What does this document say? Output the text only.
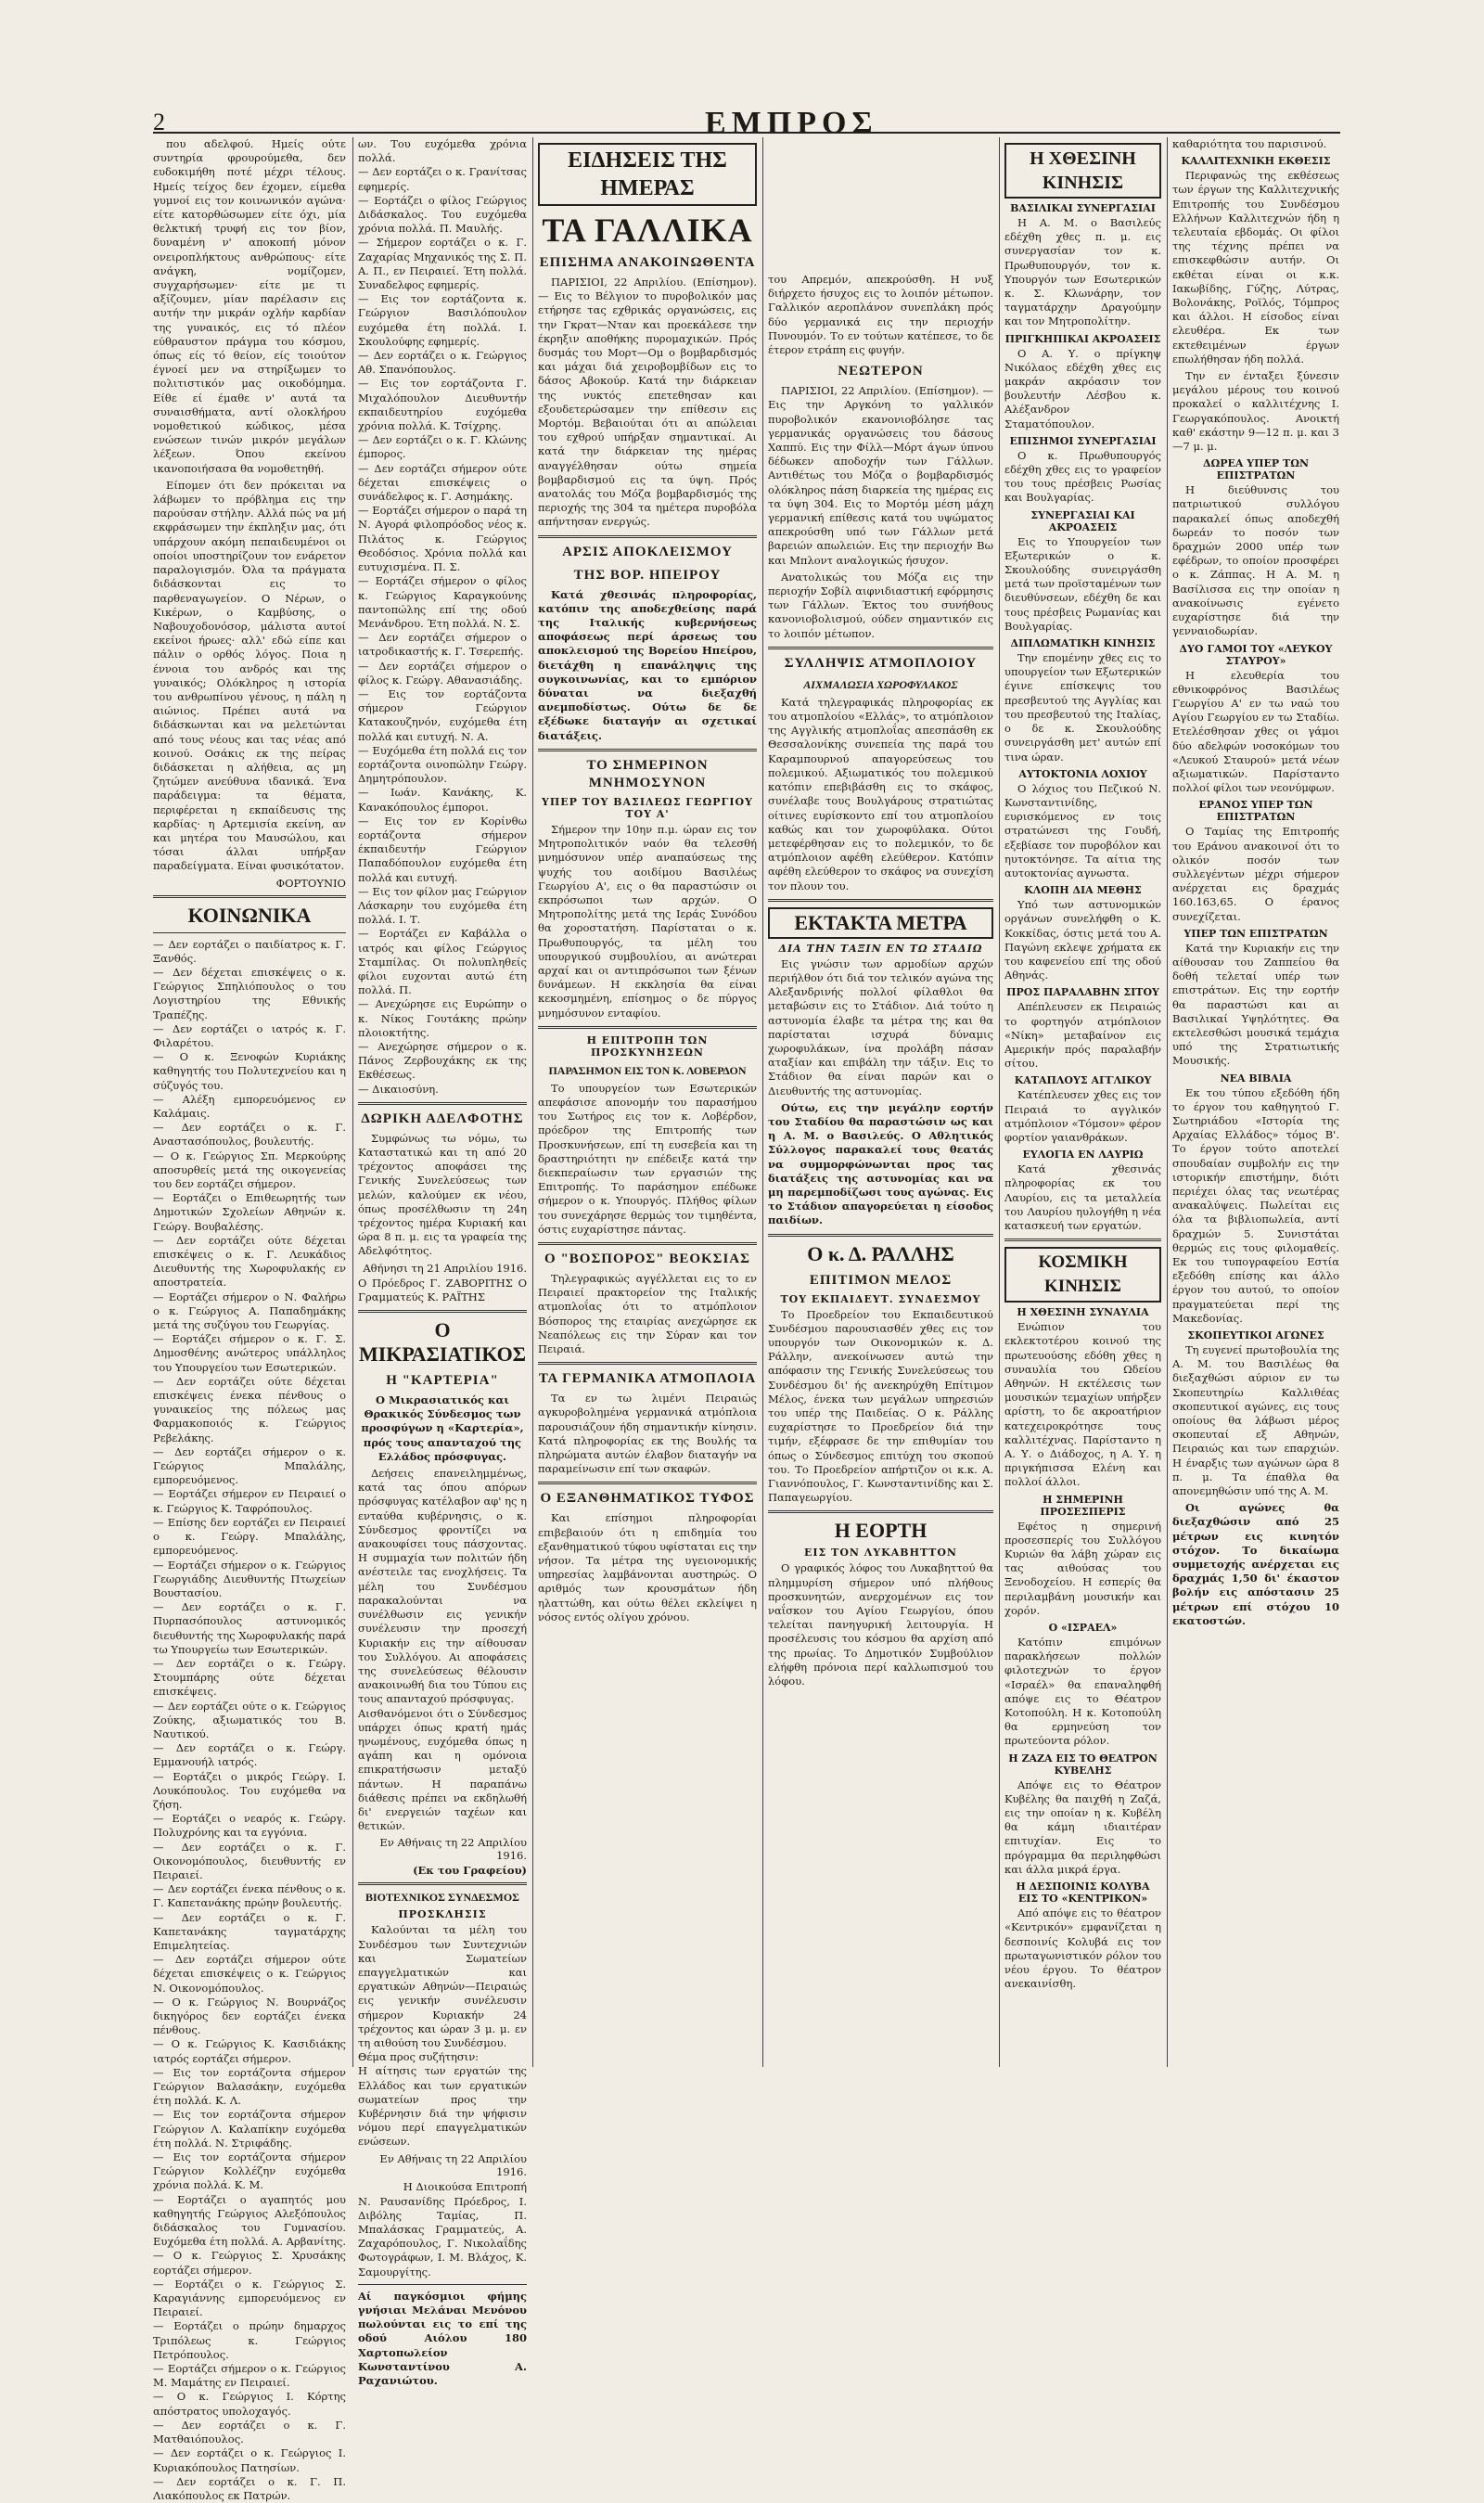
2	ΕΜΠΡΟΣ

που αδελφού. Ημείς ούτε συντηρία φρουρούμεθα, δεν ευδοκιμήθη ποτέ μέχρι τέλους. Ημείς τείχος δεν έχομεν, είμεθα γυμνοί εις τον κοινωνικόν αγώνα· είτε κατορθώσωμεν είτε όχι, μία θελκτική τρυφή εις τον βίον, δυναμένη ν' αποκοπή μόνον ονειροπλήκτους ανθρώπους· είτε ανάγκη, νομίζομεν, συγχαρήσωμεν· είτε με τι αξίζουμεν, μίαν παρέλασιν εις αυτήν την μικράν οχλήν καρδίαν της γυναικός, εις τό πλέον εύθραυστον πράγμα του κόσμου, όπως είς τό θείον, είς τοιούτον έγνοεί μεν να στηρίξωμεν το πολιτιστικόν μας οικοδόμημα. Είθε εί έμαθε ν' αυτά τα συναισθήματα, αντί ολοκλήρου νομοθετικού κώδικος, μέσα ενώσεων τινών μικρόν μεγάλων λέξεων. Όπου εκείνου ικανοποιήσασα θα νομοθετηθή.

Είπομεν ότι δεν πρόκειται να λάβωμεν το πρόβλημα εις την παρούσαν στήλην. Αλλά πώς να μή εκφράσωμεν την έκπληξιν μας, ότι υπάρχουν ακόμη πεπαιδευμένοι οι οποίοι υποστηρίζουν τον ενάρετον παραλογισμόν. Όλα τα πράγματα διδάσκονται εις το παρθεναγωγείον. Ο Νέρων, ο Κικέρων, ο Καμβύσης, ο Ναβουχοδονόσορ, μάλιστα αυτοί εκείνοι ήρωες· αλλ' εδώ είπε και πάλιν ο ορθός λόγος. Ποια η έννοια του ανδρός και της γυναικός; Ολόκληρος η ιστορία του ανθρωπίνου γένους, η πάλη η αιώνιος. Πρέπει αυτά να διδάσκωνται και να μελετώνται από τους νέους και τας νέας από κοινού. Οσάκις εκ της πείρας διδάσκεται η αλήθεια, ας μη ζητώμεν ανεύθυνα ιδανικά. Ένα παράδειγμα: τα θέματα, περιφέρεται η εκπαίδευσις της καρδίας· η Αρτεμισία εκείνη, αν και μητέρα του Μαυσώλου, και τόσαι άλλαι υπήρξαν παραδείγματα. Είναι φυσικότατον.

ΦΟΡΤΟΥΝΙΟ

ΚΟΙΝΩΝΙΚΑ

— Δεν εορτάζει ο παιδίατρος κ. Γ. Ξανθός.
— Δεν δέχεται επισκέψεις ο κ. Γεώργιος Σπηλιόπουλος ο του Λογιστηρίου της Εθνικής Τραπέζης.
— Δεν εορτάζει ο ιατρός κ. Γ. Φιλαρέτου.
— Ο κ. Ξενοφών Κυριάκης καθηγητής του Πολυτεχνείου και η σύζυγός του.
— Αλέξη εμπορευόμενος εν Καλάμαις.
— Δεν εορτάζει ο κ. Γ. Αναστασόπουλος, βουλευτής.
— Ο κ. Γεώργιος Σπ. Μερκούρης αποσυρθείς μετά της οικογενείας του δεν εορτάζει σήμερον.
— Εορτάζει ο Επιθεωρητής των Δημοτικών Σχολείων Αθηνών κ. Γεώργ. Βουβαλέσης.
— Δεν εορτάζει ούτε δέχεται επισκέψεις ο κ. Γ. Λευκάδιος Διευθυντής της Χωροφυλακής εν αποστρατεία.
— Εορτάζει σήμερον ο Ν. Φαλήρω ο κ. Γεώργιος Α. Παπαδημάκης μετά της συζύγου του Γεωργίας.
— Εορτάζει σήμερον ο κ. Γ. Σ. Δημοσθένης ανώτερος υπάλληλος του Υπουργείου των Εσωτερικών.
— Δεν εορτάζει ούτε δέχεται επισκέψεις ένεκα πένθους ο γυναικείος της πόλεως μας Φαρμακοποιός κ. Γεώργιος Ρεβελάκης.
— Δεν εορτάζει σήμερον ο κ. Γεώργιος Μπαλάλης, εμπορευόμενος.
— Εορτάζει σήμερον εν Πειραιεί ο κ. Γεώργιος Κ. Ταφρόπουλος.
— Επίσης δεν εορτάζει εν Πειραιεί ο κ. Γεώργ. Μπαλάλης, εμπορευόμενος.
— Εορτάζει σήμερον ο κ. Γεώργιος Γεωργιάδης Διευθυντής Πτωχείων Βουστασίου.
— Δεν εορτάζει ο κ. Γ. Πυρπασόπουλος αστυνομικός διευθυντής της Χωροφυλακής παρά τω Υπουργείω των Εσωτερικών.
— Δεν εορτάζει ο κ. Γεώργ. Στουμπάρης ούτε δέχεται επισκέψεις.
— Δεν εορτάζει ούτε ο κ. Γεώργιος Ζούκης, αξιωματικός του Β. Ναυτικού.
— Δεν εορτάζει ο κ. Γεώργ. Εμμανουήλ ιατρός.
— Εορτάζει ο μικρός Γεώργ. Ι. Λουκόπουλος. Του ευχόμεθα να ζήση.
— Εορτάζει ο νεαρός κ. Γεώργ. Πολυχρόνης και τα εγγόνια.
— Δεν εορτάζει ο κ. Γ. Οικονομόπουλος, διευθυντής εν Πειραιεί.
— Δεν εορτάζει ένεκα πένθους ο κ. Γ. Καπετανάκης πρώην βουλευτής.
— Δεν εορτάζει ο κ. Γ. Καπετανάκης ταγματάρχης Επιμελητείας.
— Δεν εορτάζει σήμερον ούτε δέχεται επισκέψεις ο κ. Γεώργιος Ν. Οικονομόπουλος.
— Ο κ. Γεώργιος Ν. Βουρνάζος δικηγόρος δεν εορτάζει ένεκα πένθους.
— Ο κ. Γεώργιος Κ. Κασιδιάκης ιατρός εορτάζει σήμερον.
— Εις τον εορτάζοντα σήμερον Γεώργιον Βαλασάκην, ευχόμεθα έτη πολλά. Κ. Λ.
— Εις τον εορτάζοντα σήμερον Γεώργιον Λ. Καλαπίκην ευχόμεθα έτη πολλά. Ν. Στριφάδης.
— Εις τον εορτάζοντα σήμερον Γεώργιον Κολλέζην ευχόμεθα χρόνια πολλά. Κ. Μ.
— Εορτάζει ο αγαπητός μου καθηγητής Γεώργιος Αλεξόπουλος διδάσκαλος του Γυμνασίου. Ευχόμεθα έτη πολλά. Α. Αρβανίτης.
— Ο κ. Γεώργιος Σ. Χρυσάκης εορτάζει σήμερον.
— Εορτάζει ο κ. Γεώργιος Σ. Καραγιάννης εμπορευόμενος εν Πειραιεί.
— Εορτάζει ο πρώην δημαρχος Τριπόλεως κ. Γεώργιος Πετρόπουλος.
— Εορτάζει σήμερον ο κ. Γεώργιος Μ. Μαμάτης εν Πειραιεί.
— Ο κ. Γεώργιος Ι. Κόρτης απόστρατος υπολοχαγός.
— Δεν εορτάζει ο κ. Γ. Ματθαιόπουλος.
— Δεν εορτάζει ο κ. Γεώργιος Ι. Κυριακόπουλος Πατησίων.
— Δεν εορτάζει ο κ. Γ. Π. Λιακόπουλος εκ Πατρών.

ων. Του ευχόμεθα χρόνια πολλά.
— Δεν εορτάζει ο κ. Γρανίτσας εφημερίς.
— Εορτάζει ο φίλος Γεώργιος Διδάσκαλος. Του ευχόμεθα χρόνια πολλά. Π. Μαυλής.
— Σήμερον εορτάζει ο κ. Γ. Ζαχαρίας Μηχανικός της Σ. Π. Α. Π., εν Πειραιεί. Έτη πολλά. Συναδελφος εφημερίς.
— Εις τον εορτάζοντα κ. Γεώργιον Βασιλόπουλον ευχόμεθα έτη πολλά. Ι. Σκουλούφης εφημερίς.
— Δεν εορτάζει ο κ. Γεώργιος Αθ. Σπανόπουλος.
— Εις τον εορτάζοντα Γ. Μιχαλόπουλον Διευθυντήν εκπαιδευτηρίου ευχόμεθα χρόνια πολλά. Κ. Τσίχρης.
— Δεν εορτάζει ο κ. Γ. Κλώνης έμπορος.
— Δεν εορτάζει σήμερον ούτε δέχεται επισκέψεις ο συνάδελφος κ. Γ. Ασημάκης.
— Εορτάζει σήμερον ο παρά τη Ν. Αγορά φιλοπρόοδος νέος κ. Πιλάτος κ. Γεώργιος Θεοδόσιος. Χρόνια πολλά και ευτυχισμένα. Π. Σ.
— Εορτάζει σήμερον ο φίλος κ. Γεώργιος Καραγκούνης παντοπώλης επί της οδού Μενάνδρου. Έτη πολλά. Ν. Σ.
— Δεν εορτάζει σήμερον ο ιατροδικαστής κ. Γ. Τσερεπής.
— Δεν εορτάζει σήμερον ο φίλος κ. Γεώργ. Αθανασιάδης.
— Εις τον εορτάζοντα σήμερον Γεώργιον Κατακουζηνόν, ευχόμεθα έτη πολλά και ευτυχή. Ν. Α.
— Ευχόμεθα έτη πολλά εις τον εορτάζοντα οινοπώλην Γεώργ. Δημητρόπουλον.
— Ιωάν. Κανάκης, Κ. Κανακόπουλος έμποροι.
— Εις τον εν Κορίνθω εορτάζοντα σήμερον έκπαιδευτήν Γεώργιον Παπαδόπουλον ευχόμεθα έτη πολλά και ευτυχή.
— Εις τον φίλον μας Γεώργιον Λάσκαρην του ευχόμεθα έτη πολλά. Ι. Τ.
— Εορτάζει εν Καβάλλα ο ιατρός και φίλος Γεώργιος Σταμπίλας. Οι πολυπληθείς φίλοι ευχονται αυτώ έτη πολλά. Π.
— Ανεχώρησε εις Ευρώπην ο κ. Νίκος Γουτάκης πρώην πλοιοκτήτης.
— Ανεχώρησε σήμερον ο κ. Πάνος Ζερβουχάκης εκ της Εκθέσεως.
— Δικαιοσύνη.

ΔΩΡΙΚΗ ΑΔΕΛΦΟΤΗΣ

Συμφώνως τω νόμω, τω Καταστατικώ και τη από 20 τρέχοντος αποφάσει της Γενικής Συνελεύσεως των μελών, καλούμεν εκ νέου, όπως προσέλθωσιν τη 24η τρέχοντος ημέρα Κυριακή και ώρα 8 π. μ. εις τα γραφεία της Αδελφότητος.

Αθήνησι τη 21 Απριλίου 1916.

Ο Πρόεδρος Γ. ΖΑΒΟΡΙΤΗΣ Ο Γραμματεύς Κ. ΡΑΪΤΗΣ

Ο ΜΙΚΡΑΣΙΑΤΙΚΟΣ
Η "ΚΑΡΤΕΡΙΑ"

Ο Μικρασιατικός και Θρακικός Σύνδεσμος των προσφύγων η «Καρτερία», πρός τους απανταχού της Ελλάδος πρόσφυγας.

Δεήσεις επανειλημμένως, κατά τας όπου απόρων πρόσφυγας κατέλαβον αφ' ης η ενταύθα κυβέρνησις, ο κ. Σύνδεσμος φροντίζει να ανακουφίσει τους πάσχοντας. Η συμμαχία των πολιτών ήδη ανέστειλε τας ενοχλήσεις. Τα μέλη του Συνδέσμου παρακαλούνται να συνέλθωσιν εις γενικήν συνέλευσιν την προσεχή Κυριακήν εις την αίθουσαν του Συλλόγου. Αι αποφάσεις της συνελεύσεως θέλουσιν ανακοινωθή δια του Τύπου εις τους απανταχού πρόσφυγας.
Αισθανόμενοι ότι ο Σύνδεσμος υπάρχει όπως κρατή ημάς ηνωμένους, ευχόμεθα όπως η αγάπη και η ομόνοια επικρατήσωσιν μεταξύ πάντων. Η παραπάνω διάθεσις πρέπει να εκδηλωθή δι' ενεργειών ταχέων και θετικών.

Εν Αθήναις τη 22 Απριλίου 1916.

(Εκ του Γραφείου)

ΒΙΟΤΕΧΝΙΚΟΣ ΣΥΝΔΕΣΜΟΣ
ΠΡΟΣΚΛΗΣΙΣ

Καλούνται τα μέλη του Συνδέσμου των Συντεχνιών και Σωματείων επαγγελματικών και εργατικών Αθηνών—Πειραιώς εις γενικήν συνέλευσιν σήμερον Κυριακήν 24 τρέχοντος και ώραν 3 μ. μ. εν τη αιθούση του Συνδέσμου.
Θέμα προς συζήτησιν:
Η αίτησις των εργατών της Ελλάδος και των εργατικών σωματείων προς την Κυβέρνησιν διά την ψήφισιν νόμου περί επαγγελματικών ενώσεων.

Εν Αθήναις τη 22 Απριλίου 1916.

Η Διοικούσα Επιτροπή

Ν. Ραυσανίδης Πρόεδρος, Ι. Διβόλης Ταμίας, Π. Μπαλάσκας Γραμματεύς, Α. Ζαχαρόπουλος, Γ. Νικολαΐδης Φωτογράφων, Ι. Μ. Βλάχος, Κ. Σαμουργίτης.

Αί παγκόσμιοι φήμης γνήσιαι Μελάναι Μενόνου πωλούνται εις το επί της οδού Αιόλου 180 Χαρτοπωλείον Κωνσταντίνου Α. Ραχανιώτου.

ΕΙΔΗΣΕΙΣ ΤΗΣ ΗΜΕΡΑΣ
ΤΑ ΓΑΛΛΙΚΑ
ΕΠΙΣΗΜΑ ΑΝΑΚΟΙΝΩΘΕΝΤΑ

ΠΑΡΙΣΙΟΙ, 22 Απριλίου. (Επίσημον). — Εις το Βέλγιον το πυροβολικόν μας ετήρησε τας εχθρικάς οργανώσεις, εις την Γκρατ—Νταν και προεκάλεσε την έκρηξιν αποθήκης πυρομαχικών. Πρός δυσμάς του Μορτ—Ομ ο βομβαρδισμός και μάχαι διά χειροβομβίδων εις το δάσος Αβοκούρ. Κατά την διάρκειαν της νυκτός επετεθησαν και εξουδετερώσαμεν την επίθεσιν εις Μορτόμ. Βεβαιούται ότι αι απώλειαι του εχθρού υπήρξαν σημαντικαί. Αι κατά την διάρκειαν της ημέρας αναγγέλθησαν ούτω σημεία βομβαρδισμού εις τα ύψη. Πρός ανατολάς του Μόζα βομβαρδισμός της περιοχής της 304 τα ημέτερα πυροβόλα απήντησαν ενεργώς.

ΑΡΣΙΣ ΑΠΟΚΛΕΙΣΜΟΥ
ΤΗΣ ΒΟΡ. ΗΠΕΙΡΟΥ

Κατά χθεσινάς πληροφορίας, κατόπιν της αποδεχθείσης παρά της Ιταλικής κυβερνήσεως αποφάσεως περί άρσεως του αποκλεισμού της Βορείου Ηπείρου, διετάχθη η επανάληψις της συγκοινωνίας, και το εμπόριον δύναται να διεξαχθή ανεμποδίστως. Ούτω δε δε εξέδωκε διαταγήν αι σχετικαί διατάξεις.

ΤΟ ΣΗΜΕΡΙΝΟΝ ΜΝΗΜΟΣΥΝΟΝ
ΥΠΕΡ ΤΟΥ ΒΑΣΙΛΕΩΣ ΓΕΩΡΓΙΟΥ ΤΟΥ Α'

Σήμερον την 10ην π.μ. ώραν εις τον Μητροπολιτικόν ναόν θα τελεσθή μνημόσυνον υπέρ αναπαύσεως της ψυχής του αοιδίμου Βασιλέως Γεωργίου Α', εις ο θα παραστώσιν οι εκπρόσωποι των αρχών. Ο Μητροπολίτης μετά της Ιεράς Συνόδου θα χοροστατήση. Παρίσταται ο κ. Πρωθυπουργός, τα μέλη του υπουργικού συμβουλίου, αι ανώτεραι αρχαί και οι αντιπρόσωποι των ξένων δυνάμεων. Η εκκλησία θα είναι κεκοσμημένη, επίσημος ο δε πύργος μνημόσυνον ενταφίου.

Η ΕΠΙΤΡΟΠΗ ΤΩΝ ΠΡΟΣΚΥΝΗΣΕΩΝ
ΠΑΡΑΣΗΜΟΝ ΕΙΣ ΤΟΝ Κ. ΛΟΒΕΡΔΟΝ

Το υπουργείον των Εσωτερικών απεφάσισε απονομήν του παρασήμου του Σωτήρος εις τον κ. Λοβέρδον, πρόεδρον της Επιτροπής των Προσκυνήσεων, επί τη ευσεβεία και τη δραστηριότητι ην επέδειξε κατά την διεκπεραίωσιν των εργασιών της Επιτροπής. Το παράσημον επέδωκε σήμερον ο κ. Υπουργός. Πλήθος φίλων του συνεχάρησε θερμώς τον τιμηθέντα, όστις ευχαρίστησε πάντας.

Ο "ΒΟΣΠΟΡΟΣ" ΒΕΟΚΣΙΑΣ

Τηλεγραφικώς αγγέλλεται εις το εν Πειραιεί πρακτορείον της Ιταλικής ατμοπλοΐας ότι το ατμόπλοιον Βόσπορος της εταιρίας ανεχώρησε εκ Νεαπόλεως εις την Σύραν και τον Πειραιά.

ΤΑ ΓΕΡΜΑΝΙΚΑ ΑΤΜΟΠΛΟΙΑ

Τα εν τω λιμένι Πειραιώς αγκυροβολημένα γερμανικά ατμόπλοια παρουσιάζουν ήδη σημαντικήν κίνησιν. Κατά πληροφορίας εκ της Βουλής τα πληρώματα αυτών έλαβον διαταγήν να παραμείνωσιν επί των σκαφών.

Ο ΕΞΑΝΘΗΜΑΤΙΚΟΣ ΤΥΦΟΣ

Και επίσημοι πληροφορίαι επιβεβαιούν ότι η επιδημία του εξανθηματικού τύφου υφίσταται εις την νήσον. Τα μέτρα της υγειονομικής υπηρεσίας λαμβάνονται αυστηρώς. Ο αριθμός των κρουσμάτων ήδη ηλαττώθη, και ούτω θέλει εκλείψει η νόσος εντός ολίγου χρόνου.

του Απρεμόν, απεκρούσθη. Η νυξ διήρχετο ήσυχος εις το λοιπόν μέτωπον. Γαλλικόν αεροπλάνον συνεπλάκη πρός δύο γερμανικά εις την περιοχήν Πυνουμόν. Το εν τούτων κατέπεσε, το δε έτερον ετράπη εις φυγήν.

ΝΕΩΤΕΡΟΝ

ΠΑΡΙΣΙΟΙ, 22 Απριλίου. (Επίσημον). — Εις την Αργκόνη το γαλλικόν πυροβολικόν εκανονιοβόλησε τας γερμανικάς οργανώσεις του δάσους Χαππύ. Εις την Φίλλ—Μόρτ άγων ύπνου δέδωκεν αποδοχήν των Γάλλων. Αντιθέτως του Μόζα ο βομβαρδισμός ολόκληρος πάση διαρκεία της ημέρας εις τα ύψη 304. Εις το Μορτόμ μέση μάχη γερμανική επίθεσις κατά του υψώματος απεκρούσθη υπό των Γάλλων μετά βαρειών απωλειών. Εις την περιοχήν Βω και Μπλοντ αναλογικώς ήσυχον.

Ανατολικώς του Μόζα εις την περιοχήν Σοβίλ αιφνιδιαστική εφόρμησις των Γάλλων. Έκτος του συνήθους κανονιοβολισμού, ούδεν σημαντικόν εις το λοιπόν μέτωπον.

ΣΥΛΛΗΨΙΣ ΑΤΜΟΠΛΟΙΟΥ
ΑΙΧΜΑΛΩΣΙΑ ΧΩΡΟΦΥΛΑΚΟΣ

Κατά τηλεγραφικάς πληροφορίας εκ του ατμοπλοίου «Ελλάς», το ατμόπλοιον της Αγγλικής ατμοπλοΐας απεσπάσθη εκ Θεσσαλονίκης συνεπεία της παρά του Καραμπουρνού απαγορεύσεως του πολεμικού. Αξιωματικός του πολεμικού κατόπιν επεβιβάσθη εις το σκάφος, συνέλαβε τους Βουλγάρους στρατιώτας οίτινες ευρίσκοντο επί του ατμοπλοίου καθώς και τον χωροφύλακα. Ούτοι μετεφέρθησαν εις το πολεμικόν, το δε ατμόπλοιον αφέθη ελεύθερον. Κατόπιν αφέθη ελεύθερον το σκάφος να συνεχίση τον πλουν του.

ΕΚΤΑΚΤΑ ΜΕΤΡΑ
ΔΙΑ ΤΗΝ ΤΑΞΙΝ ΕΝ ΤΩ ΣΤΑΔΙΩ

Εις γνώσιν των αρμοδίων αρχών περιήλθον ότι διά τον τελικόν αγώνα της Αλεξανδρινής πολλοί φίλαθλοι θα μεταβώσιν εις το Στάδιον. Διά τούτο η αστυνομία έλαβε τα μέτρα της και θα παρίσταται ισχυρά δύναμις χωροφυλάκων, ίνα προλάβη πάσαν αταξίαν και επιβάλη την τάξιν. Εις το Στάδιον θα είναι παρών και ο Διευθυντής της αστυνομίας.

Ούτω, εις την μεγάλην εορτήν του Σταδίου θα παραστώσιν ως και η Α. Μ. ο Βασιλεύς. Ο Αθλητικός Σύλλογος παρακαλεί τους θεατάς να συμμορφώνωνται προς τας διατάξεις της αστυνομίας και να μη παρεμποδίζωσι τους αγώνας. Εις το Στάδιον απαγορεύεται η είσοδος παιδίων.

Ο κ. Δ. ΡΑΛΛΗΣ
ΕΠΙΤΙΜΟΝ ΜΕΛΟΣ
ΤΟΥ ΕΚΠΑΙΔΕΥΤ. ΣΥΝΔΕΣΜΟΥ

Το Προεδρείον του Εκπαιδευτικού Συνδέσμου παρουσιασθέν χθες εις τον υπουργόν των Οικονομικών κ. Δ. Ράλλην, ανεκοίνωσεν αυτώ την απόφασιν της Γενικής Συνελεύσεως του Συνδέσμου δι' ής ανεκηρύχθη Επίτιμον Μέλος, ένεκα των μεγάλων υπηρεσιών του υπέρ της Παιδείας. Ο κ. Ράλλης ευχαρίστησε το Προεδρείον διά την τιμήν, εξέφρασε δε την επιθυμίαν του όπως ο Σύνδεσμος επιτύχη του σκοπού του. Το Προεδρείον απήρτιζον οι κ.κ. Α. Γιαννόπουλος, Γ. Κωνσταντινίδης και Σ. Παπαγεωργίου.

Η ΕΟΡΤΗ
ΕΙΣ ΤΟΝ ΛΥΚΑΒΗΤΤΟΝ

Ο γραφικός λόφος του Λυκαβηττού θα πλημμυρίση σήμερον υπό πλήθους προσκυνητών, ανερχομένων εις τον ναΐσκον του Αγίου Γεωργίου, όπου τελείται πανηγυρική λειτουργία. Η προσέλευσις του κόσμου θα αρχίση από της πρωίας. Το Δημοτικόν Συμβούλιον ελήφθη πρόνοια περί καλλωπισμού του λόφου.

Η ΧΘΕΣΙΝΗ ΚΙΝΗΣΙΣ
ΒΑΣΙΛΙΚΑΙ ΣΥΝΕΡΓΑΣΙΑΙ

Η Α. Μ. ο Βασιλεύς εδέχθη χθες π. μ. εις συνεργασίαν τον κ. Πρωθυπουργόν, τον κ. Υπουργόν των Εσωτερικών κ. Σ. Κλωνάρην, τον ταγματάρχην Δραγούμην και τον Μητροπολίτην.

ΠΡΙΓΚΗΠΙΚΑΙ ΑΚΡΟΑΣΕΙΣ

Ο Α. Υ. ο πρίγκηψ Νικόλαος εδέχθη χθες εις μακράν ακρόασιν τον βουλευτήν Λέσβου κ. Αλέξανδρον Σταματόπουλον.

ΕΠΙΣΗΜΟΙ ΣΥΝΕΡΓΑΣΙΑΙ

Ο κ. Πρωθυπουργός εδέχθη χθες εις το γραφείον του τους πρέσβεις Ρωσίας και Βουλγαρίας.

ΣΥΝΕΡΓΑΣΙΑΙ ΚΑΙ ΑΚΡΟΑΣΕΙΣ

Εις το Υπουργείον των Εξωτερικών ο κ. Σκουλούδης συνειργάσθη μετά των προϊσταμένων των διευθύνσεων, εδέχθη δε και τους πρέσβεις Ρωμανίας και Βουλγαρίας.

ΔΙΠΛΩΜΑΤΙΚΗ ΚΙΝΗΣΙΣ

Την επομένην χθες εις το υπουργείον των Εξωτερικών έγινε επίσκεψις του πρεσβευτού της Αγγλίας και του πρεσβευτού της Ιταλίας, ο δε κ. Σκουλούδης συνειργάσθη μετ' αυτών επί τινα ώραν.

ΑΥΤΟΚΤΟΝΙΑ ΛΟΧΙΟΥ

Ο λόχιος του Πεζικού Ν. Κωνσταντινίδης, ευρισκόμενος εν τοις στρατώνεσι της Γουδή, εξεβίασε τον πυροβόλον και ηυτοκτόνησε. Τα αίτια της αυτοκτονίας αγνωστα.

ΚΛΟΠΗ ΔΙΑ ΜΕΘΗΣ

Υπό των αστυνομικών οργάνων συνελήφθη ο Κ. Κοκκίδας, όστις μετά του Α. Παγώνη εκλεψε χρήματα εκ του καφενείου επί της οδού Αθηνάς.

ΠΡΟΣ ΠΑΡΑΛΑΒΗΝ ΣΙΤΟΥ

Απέπλευσεν εκ Πειραιώς το φορτηγόν ατμόπλοιον «Νίκη» μεταβαίνον εις Αμερικήν πρός παραλαβήν σίτου.

ΚΑΤΑΠΛΟΥΣ ΑΓΓΛΙΚΟΥ

Κατέπλευσεν χθες εις τον Πειραιά το αγγλικόν ατμόπλοιον «Τόμσον» φέρον φορτίον γαιανθράκων.

ΕΥΛΟΓΙΑ ΕΝ ΛΑΥΡΙΩ

Κατά χθεσινάς πληροφορίας εκ του Λαυρίου, εις τα μεταλλεία του Λαυρίου ηυλογήθη η νέα κατασκευή των εργατών.

ΚΟΣΜΙΚΗ ΚΙΝΗΣΙΣ
Η ΧΘΕΣΙΝΗ ΣΥΝΑΥΛΙΑ

Ενώπιον του εκλεκτοτέρου κοινού της πρωτευούσης εδόθη χθες η συναυλία του Ωδείου Αθηνών. Η εκτέλεσις των μουσικών τεμαχίων υπήρξεν αρίστη, το δε ακροατήριον κατεχειροκρότησε τους καλλιτέχνας. Παρίσταντο η Α. Υ. ο Διάδοχος, η Α. Υ. η πριγκήπισσα Ελένη και πολλοί άλλοι.

Η ΣΗΜΕΡΙΝΗ ΠΡΟΣΕΣΠΕΡΙΣ

Εφέτος η σημερινή προσεσπερίς του Συλλόγου Κυριών θα λάβη χώραν εις τας αιθούσας του Ξενοδοχείου. Η εσπερίς θα περιλαμβάνη μουσικήν και χορόν.

Ο «ΙΣΡΑΕΛ»

Κατόπιν επιμόνων παρακλήσεων πολλών φιλοτεχνών το έργον «Ισραέλ» θα επαναληφθή απόψε εις το Θέατρον Κοτοπούλη. Η κ. Κοτοπούλη θα ερμηνεύση τον πρωτεύοντα ρόλον.

Η ΖΑΖΑ ΕΙΣ ΤΟ ΘΕΑΤΡΟΝ ΚΥΒΕΛΗΣ

Απόψε εις το Θέατρον Κυβέλης θα παιχθή η Ζαζά, εις την οποίαν η κ. Κυβέλη θα κάμη ιδιαιτέραν επιτυχίαν. Εις το πρόγραμμα θα περιληφθώσι και άλλα μικρά έργα.

Η ΔΕΣΠΟΙΝΙΣ ΚΟΛΥΒΑ ΕΙΣ ΤΟ «ΚΕΝΤΡΙΚΟΝ»

Από απόψε εις το θέατρον «Κεντρικόν» εμφανίζεται η δεσποινίς Κολυβά εις τον πρωταγωνιστικόν ρόλον του νέου έργου. Το θέατρον ανεκαινίσθη.

καθαριότητα του παρισινού.

ΚΑΛΛΙΤΕΧΝΙΚΗ ΕΚΘΕΣΙΣ

Περιφανώς της εκθέσεως των έργων της Καλλιτεχνικής Επιτροπής του Συνδέσμου Ελλήνων Καλλιτεχνών ήδη η τελευταία εβδομάς. Οι φίλοι της τέχνης πρέπει να επισκεφθώσιν αυτήν. Οι εκθέται είναι οι κ.κ. Ιακωβίδης, Γύζης, Λύτρας, Βολονάκης, Ροϊλός, Τόμπρος και άλλοι. Η είσοδος είναι ελευθέρα. Εκ των εκτεθειμένων έργων επωλήθησαν ήδη πολλά.

Την εν ένταξει ξύνεσιν μεγάλου μέρους του κοινού προκαλεί ο καλλιτέχνης Ι. Γεωργακόπουλος. Ανοικτή καθ' εκάστην 9—12 π. μ. και 3—7 μ. μ.

ΔΩΡΕΑ ΥΠΕΡ ΤΩΝ ΕΠΙΣΤΡΑΤΩΝ

Η διεύθυνσις του πατριωτικού συλλόγου παρακαλεί όπως αποδεχθή δωρεάν το ποσόν των δραχμών 2000 υπέρ των εφέδρων, το οποίον προσφέρει ο κ. Ζάππας. Η Α. Μ. η Βασίλισσα εις την οποίαν η ανακοίνωσις εγένετο ευχαρίστησε διά την γενναιοδωρίαν.

ΔΥΟ ΓΑΜΟΙ ΤΟΥ «ΛΕΥΚΟΥ ΣΤΑΥΡΟΥ»

Η ελευθερία του εθνικοφρόνος Βασιλέως Γεωργίου Α' εν τω ναώ του Αγίου Γεωργίου εν τω Σταδίω. Ετελέσθησαν χθες οι γάμοι δύο αδελφών νοσοκόμων του «Λευκού Σταυρού» μετά νέων αξιωματικών. Παρίσταντο πολλοί φίλοι των νεονύμφων.

ΕΡΑΝΟΣ ΥΠΕΡ ΤΩΝ ΕΠΙΣΤΡΑΤΩΝ

Ο Ταμίας της Επιτροπής του Εράνου ανακοινοί ότι το ολικόν ποσόν των συλλεγέντων μέχρι σήμερον ανέρχεται εις δραχμάς 160.163,65. Ο έρανος συνεχίζεται.

ΥΠΕΡ ΤΩΝ ΕΠΙΣΤΡΑΤΩΝ

Κατά την Κυριακήν εις την αίθουσαν του Ζαππείου θα δοθή τελεταί υπέρ των επιστράτων. Εις την εορτήν θα παραστώσι και αι Βασιλικαί Υψηλότητες. Θα εκτελεσθώσι μουσικά τεμάχια υπό της Στρατιωτικής Μουσικής.

ΝΕΑ ΒΙΒΛΙΑ

Εκ του τύπου εξεδόθη ήδη το έργον του καθηγητού Γ. Σωτηριάδου «Ιστορία της Αρχαίας Ελλάδος» τόμος Β'. Το έργον τούτο αποτελεί σπουδαίαν συμβολήν εις την ιστορικήν επιστήμην, διότι περιέχει όλας τας νεωτέρας ανακαλύψεις. Πωλείται εις όλα τα βιβλιοπωλεία, αντί δραχμών 5. Συνιστάται θερμώς εις τους φιλομαθείς. Εκ του τυπογραφείου Εστία εξεδόθη επίσης και άλλο έργον του αυτού, το οποίον πραγματεύεται περί της Μακεδονίας.

ΣΚΟΠΕΥΤΙΚΟΙ ΑΓΩΝΕΣ

Τη ευγενεί πρωτοβουλία της Α. Μ. του Βασιλέως θα διεξαχθώσι αύριον εν τω Σκοπευτηρίω Καλλιθέας σκοπευτικοί αγώνες, εις τους οποίους θα λάβωσι μέρος σκοπευταί εξ Αθηνών, Πειραιώς και των επαρχιών. Η έναρξις των αγώνων ώρα 8 π. μ. Τα έπαθλα θα απονεμηθώσιν υπό της Α. Μ.

Οι αγώνες θα διεξαχθώσιν από 25 μέτρων εις κινητόν στόχον. Το δικαίωμα συμμετοχής ανέρχεται εις δραχμάς 1,50 δι' έκαστον βολήν εις απόστασιν 25 μέτρων επί στόχου 10 εκατοστών.
